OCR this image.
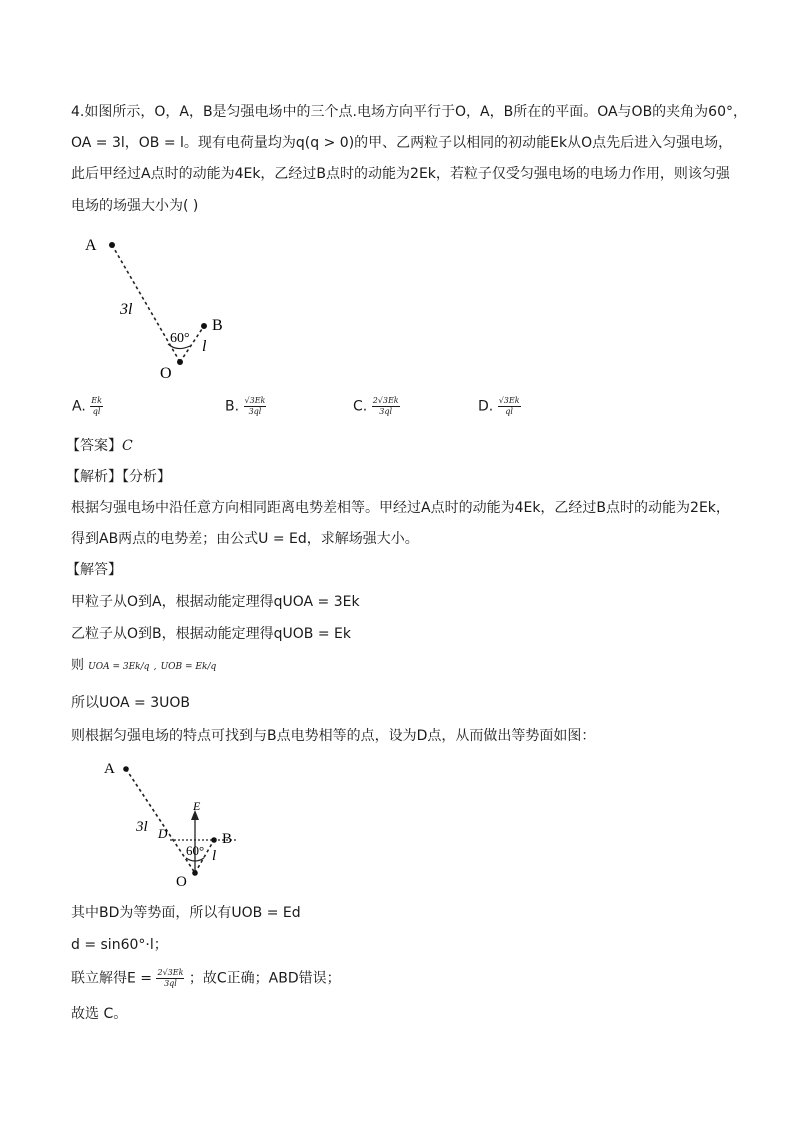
4.如图所示，O，A，B是匀强电场中的三个点.电场方向平行于O，A，B所在的平面。OA与OB的夹角为60°，
OA = 3l，OB = l。现有电荷量均为q(q > 0)的甲、乙两粒子以相同的初动能Ek从O点先后进入匀强电场，
此后甲经过A点时的动能为4Ek，乙经过B点时的动能为2Ek，若粒子仅受匀强电场的电场力作用，则该匀强
电场的场强大小为( )
A
B
O
3l
l
60°
A. $\frac{Ek}{ql}$	B. $\frac{√3Ek}{3ql}$	C. $\frac{2√3Ek}{3ql}$	D. $\frac{√3Ek}{ql}$
【答案】C
【解析】【分析】
根据匀强电场中沿任意方向相同距离电势差相等。甲经过A点时的动能为4Ek，乙经过B点时的动能为2Ek，
得到AB两点的电势差；由公式U = Ed，求解场强大小。
【解答】
甲粒子从O到A，根据动能定理得qUOA = 3Ek
乙粒子从O到B，根据动能定理得qUOB = Ek
则 UOA = 3Ek/q , UOB = Ek/q
所以UOA = 3UOB
则根据匀强电场的特点可找到与B点电势相等的点，设为D点，从而做出等势面如图：
A
B
O
D
E
3l
l
60°
其中BD为等势面，所以有UOB = Ed
d = sin60°·l；
联立解得$E = \frac{2√3Ek}{3ql}$ ；故C正确；ABD错误；
故选 C。
